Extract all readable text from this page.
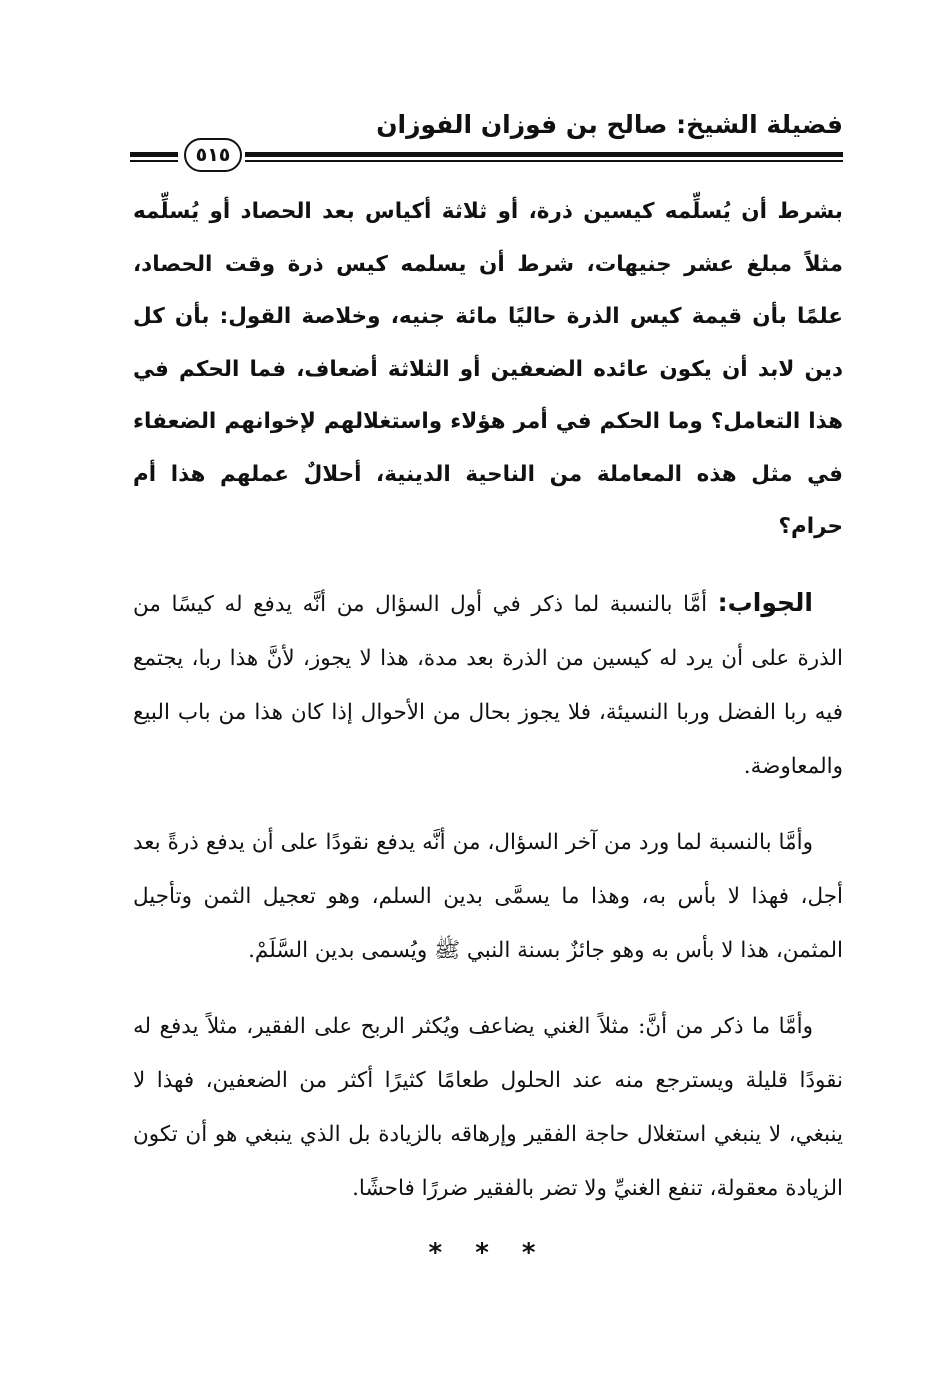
فضيلة الشيخ: صالح بن فوزان الفوزان
٥١٥

بشرط أن يُسلِّمه كيسين ذرة، أو ثلاثة أكياس بعد الحصاد أو يُسلِّمه مثلاً مبلغ عشر جنيهات، شرط أن يسلمه كيس ذرة وقت الحصاد، علمًا بأن قيمة كيس الذرة حاليًا مائة جنيه، وخلاصة القول: بأن كل دين لابد أن يكون عائده الضعفين أو الثلاثة أضعاف، فما الحكم في هذا التعامل؟ وما الحكم في أمر هؤلاء واستغلالهم لإخوانهم الضعفاء في مثل هذه المعاملة من الناحية الدينية، أحلالٌ عملهم هذا أم حرام؟

الجواب: أمَّا بالنسبة لما ذكر في أول السؤال من أنَّه يدفع له كيسًا من الذرة على أن يرد له كيسين من الذرة بعد مدة، هذا لا يجوز، لأنَّ هذا ربا، يجتمع فيه ربا الفضل وربا النسيئة، فلا يجوز بحال من الأحوال إذا كان هذا من باب البيع والمعاوضة.

وأمَّا بالنسبة لما ورد من آخر السؤال، من أنَّه يدفع نقودًا على أن يدفع ذرةً بعد أجل، فهذا لا بأس به، وهذا ما يسمَّى بدين السلم، وهو تعجيل الثمن وتأجيل المثمن، هذا لا بأس به وهو جائزٌ بسنة النبي ﷺ ويُسمى بدين السَّلَمْ.

وأمَّا ما ذكر من أنَّ: مثلاً الغني يضاعف ويُكثر الربح على الفقير، مثلاً يدفع له نقودًا قليلة ويسترجع منه عند الحلول طعامًا كثيرًا أكثر من الضعفين، فهذا لا ينبغي، لا ينبغي استغلال حاجة الفقير وإرهاقه بالزيادة بل الذي ينبغي هو أن تكون الزيادة معقولة، تنفع الغنيِّ ولا تضر بالفقير ضررًا فاحشًا.

* * *
